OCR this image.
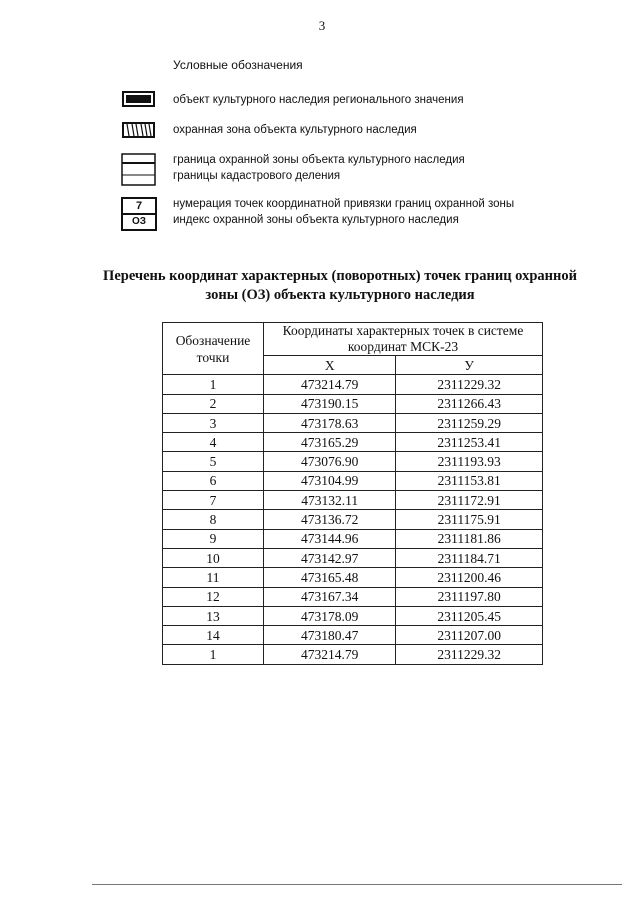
3
Условные обозначения
объект культурного наследия регионального значения
охранная зона объекта культурного наследия
граница охранной зоны объекта культурного наследия
границы кадастрового деления
7
ОЗ
нумерация точек координатной привязки границ охранной зоны
индекс охранной зоны объекта культурного наследия
Перечень координат характерных (поворотных) точек границ охранной
зоны (ОЗ) объекта культурного наследия
Обозначение точки	Координаты характерных точек в системе координат МСК-23	
	X	У
1	473214.79	2311229.32
2	473190.15	2311266.43
3	473178.63	2311259.29
4	473165.29	2311253.41
5	473076.90	2311193.93
6	473104.99	2311153.81
7	473132.11	2311172.91
8	473136.72	2311175.91
9	473144.96	2311181.86
10	473142.97	2311184.71
11	473165.48	2311200.46
12	473167.34	2311197.80
13	473178.09	2311205.45
14	473180.47	2311207.00
1	473214.79	2311229.32
